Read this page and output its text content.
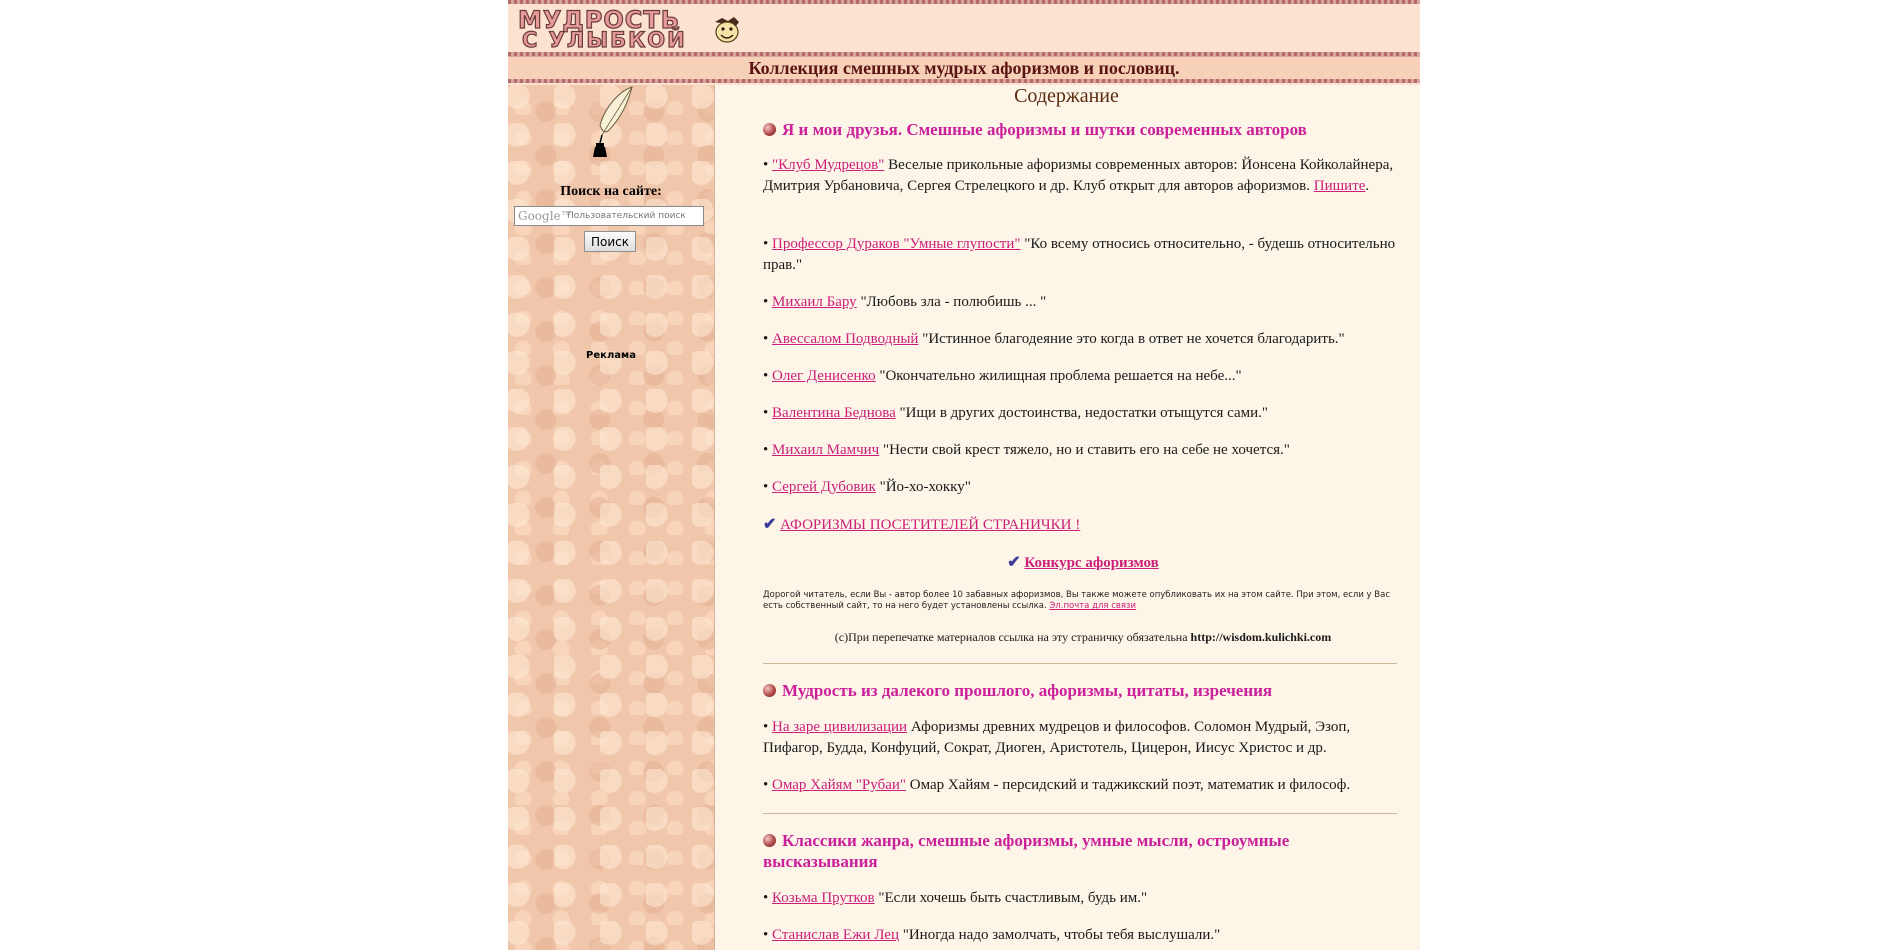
МУДРОСТЬ
С УЛЫБКОЙ
Коллекция смешных мудрых афоризмов и пословиц.
Поиск на сайте:
Пользовательский поиск
Google™
Поиск
Реклама
Содержание
Я и мои друзья. Смешные афоризмы и шутки современных авторов
• "Клуб Мудрецов" Веселые прикольные афоризмы современных авторов: Йонсена Койколайнера, Дмитрия Урбановича, Сергея Стрелецкого и др. Клуб открыт для авторов афоризмов. Пишите.
• Профессор Дураков "Умные глупости" "Ко всему относись относительно, - будешь относительно прав."
• Михаил Бару "Любовь зла - полюбишь ... "
• Авессалом Подводный "Истинное благодеяние это когда в ответ не хочется благодарить."
• Олег Денисенко "Окончательно жилищная проблема решается на небе..."
• Валентина Беднова "Ищи в других достоинства, недостатки отыщутся сами."
• Михаил Мамчич "Нести свой крест тяжело, но и ставить его на себе не хочется."
• Сергей Дубовик "Йо-хо-хокку"
✔ АФОРИЗМЫ ПОСЕТИТЕЛЕЙ СТРАНИЧКИ !
✔ Конкурс афоризмов
Дорогой читатель, если Вы - автор более 10 забавных афоризмов, Вы также можете опубликовать их на этом сайте. При этом, если у Вас есть собственный сайт, то на него будет установлены ссылка. Эл.почта для связи
(с)При перепечатке материалов ссылка на эту страничку обязательна http://wisdom.kulichki.com
Мудрость из далекого прошлого, афоризмы, цитаты, изречения
• На заре цивилизации Афоризмы древних мудрецов и философов. Соломон Мудрый, Эзоп, Пифагор, Будда, Конфуций, Сократ, Диоген, Аристотель, Цицерон, Иисус Христос и др.
• Омар Хайям "Рубаи" Омар Хайям - персидский и таджикский поэт, математик и философ.
Классики жанра, смешные афоризмы, умные мысли, остроумные высказывания
• Козьма Прутков "Если хочешь быть счастливым, будь им."
• Станислав Ежи Лец "Иногда надо замолчать, чтобы тебя выслушали."
